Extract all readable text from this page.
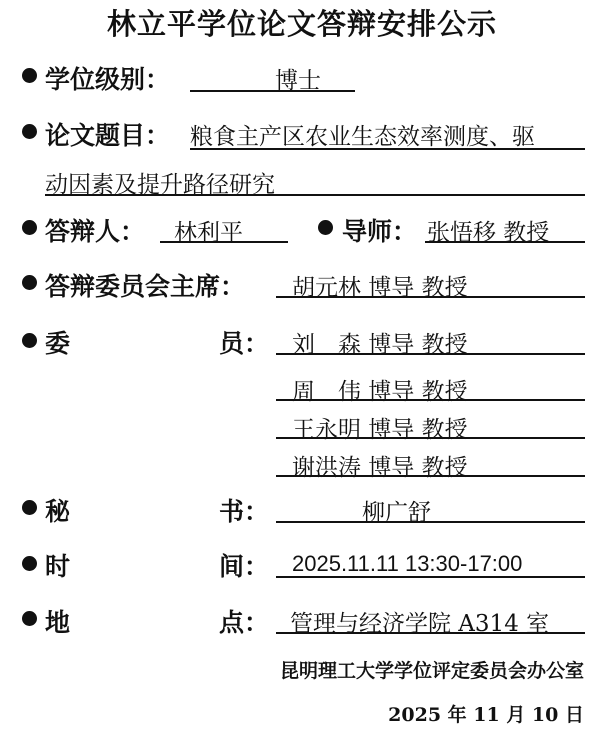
林立平学位论文答辩安排公示
学位级别：	博士
论文题目： 粮食主产区农业生态效率测度、驱
动因素及提升路径研究
答辩人： 林利平	导师： 张悟移 教授
答辩委员会主席： 胡元林 博导 教授
委	员： 刘　森 博导 教授
周　伟 博导 教授
王永明 博导 教授
谢洪涛 博导 教授
秘	书：	柳广舒
时	间： 2025.11.11 13:30-17:00
地	点： 管理与经济学院 A314 室
昆明理工大学学位评定委员会办公室
2025 年 11 月 10 日
